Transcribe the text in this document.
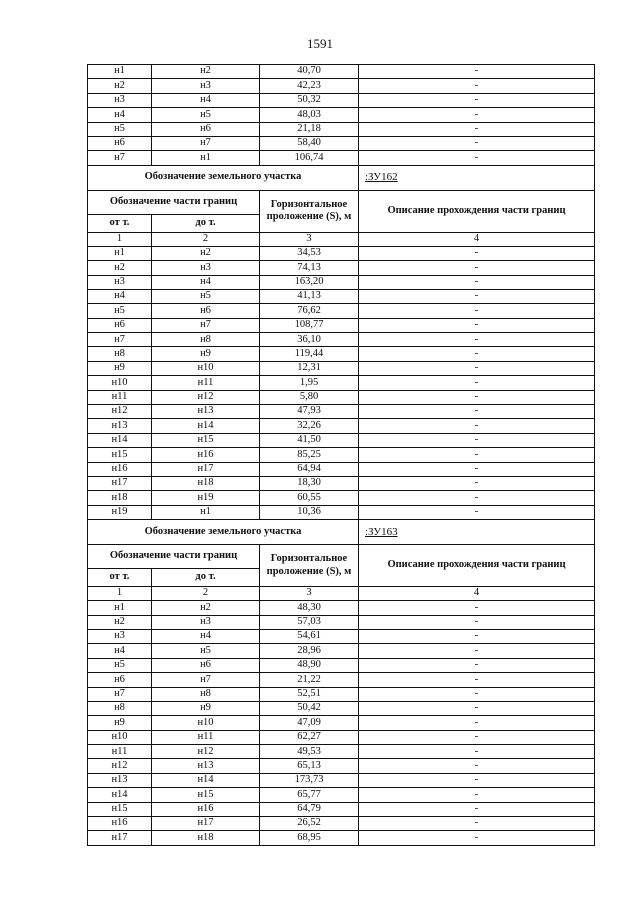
1591
н1	н2	40,70	-
н2	н3	42,23	-
н3	н4	50,32	-
н4	н5	48,03	-
н5	н6	21,18	-
н6	н7	58,40	-
н7	н1	106,74	-
Обозначение земельного участка			:ЗУ162
Обозначение части границ		Горизонтальное проложение (S), м	Описание прохождения части границ
от т.	до т.		
1	2	3	4
н1	н2	34,53	-
н2	н3	74,13	-
н3	н4	163,20	-
н4	н5	41,13	-
н5	н6	76,62	-
н6	н7	108,77	-
н7	н8	36,10	-
н8	н9	119,44	-
н9	н10	12,31	-
н10	н11	1,95	-
н11	н12	5,80	-
н12	н13	47,93	-
н13	н14	32,26	-
н14	н15	41,50	-
н15	н16	85,25	-
н16	н17	64,94	-
н17	н18	18,30	-
н18	н19	60,55	-
н19	н1	10,36	-
Обозначение земельного участка			:ЗУ163
Обозначение части границ		Горизонтальное проложение (S), м	Описание прохождения части границ
от т.	до т.		
1	2	3	4
н1	н2	48,30	-
н2	н3	57,03	-
н3	н4	54,61	-
н4	н5	28,96	-
н5	н6	48,90	-
н6	н7	21,22	-
н7	н8	52,51	-
н8	н9	50,42	-
н9	н10	47,09	-
н10	н11	62,27	-
н11	н12	49,53	-
н12	н13	65,13	-
н13	н14	173,73	-
н14	н15	65,77	-
н15	н16	64,79	-
н16	н17	26,52	-
н17	н18	68,95	-
